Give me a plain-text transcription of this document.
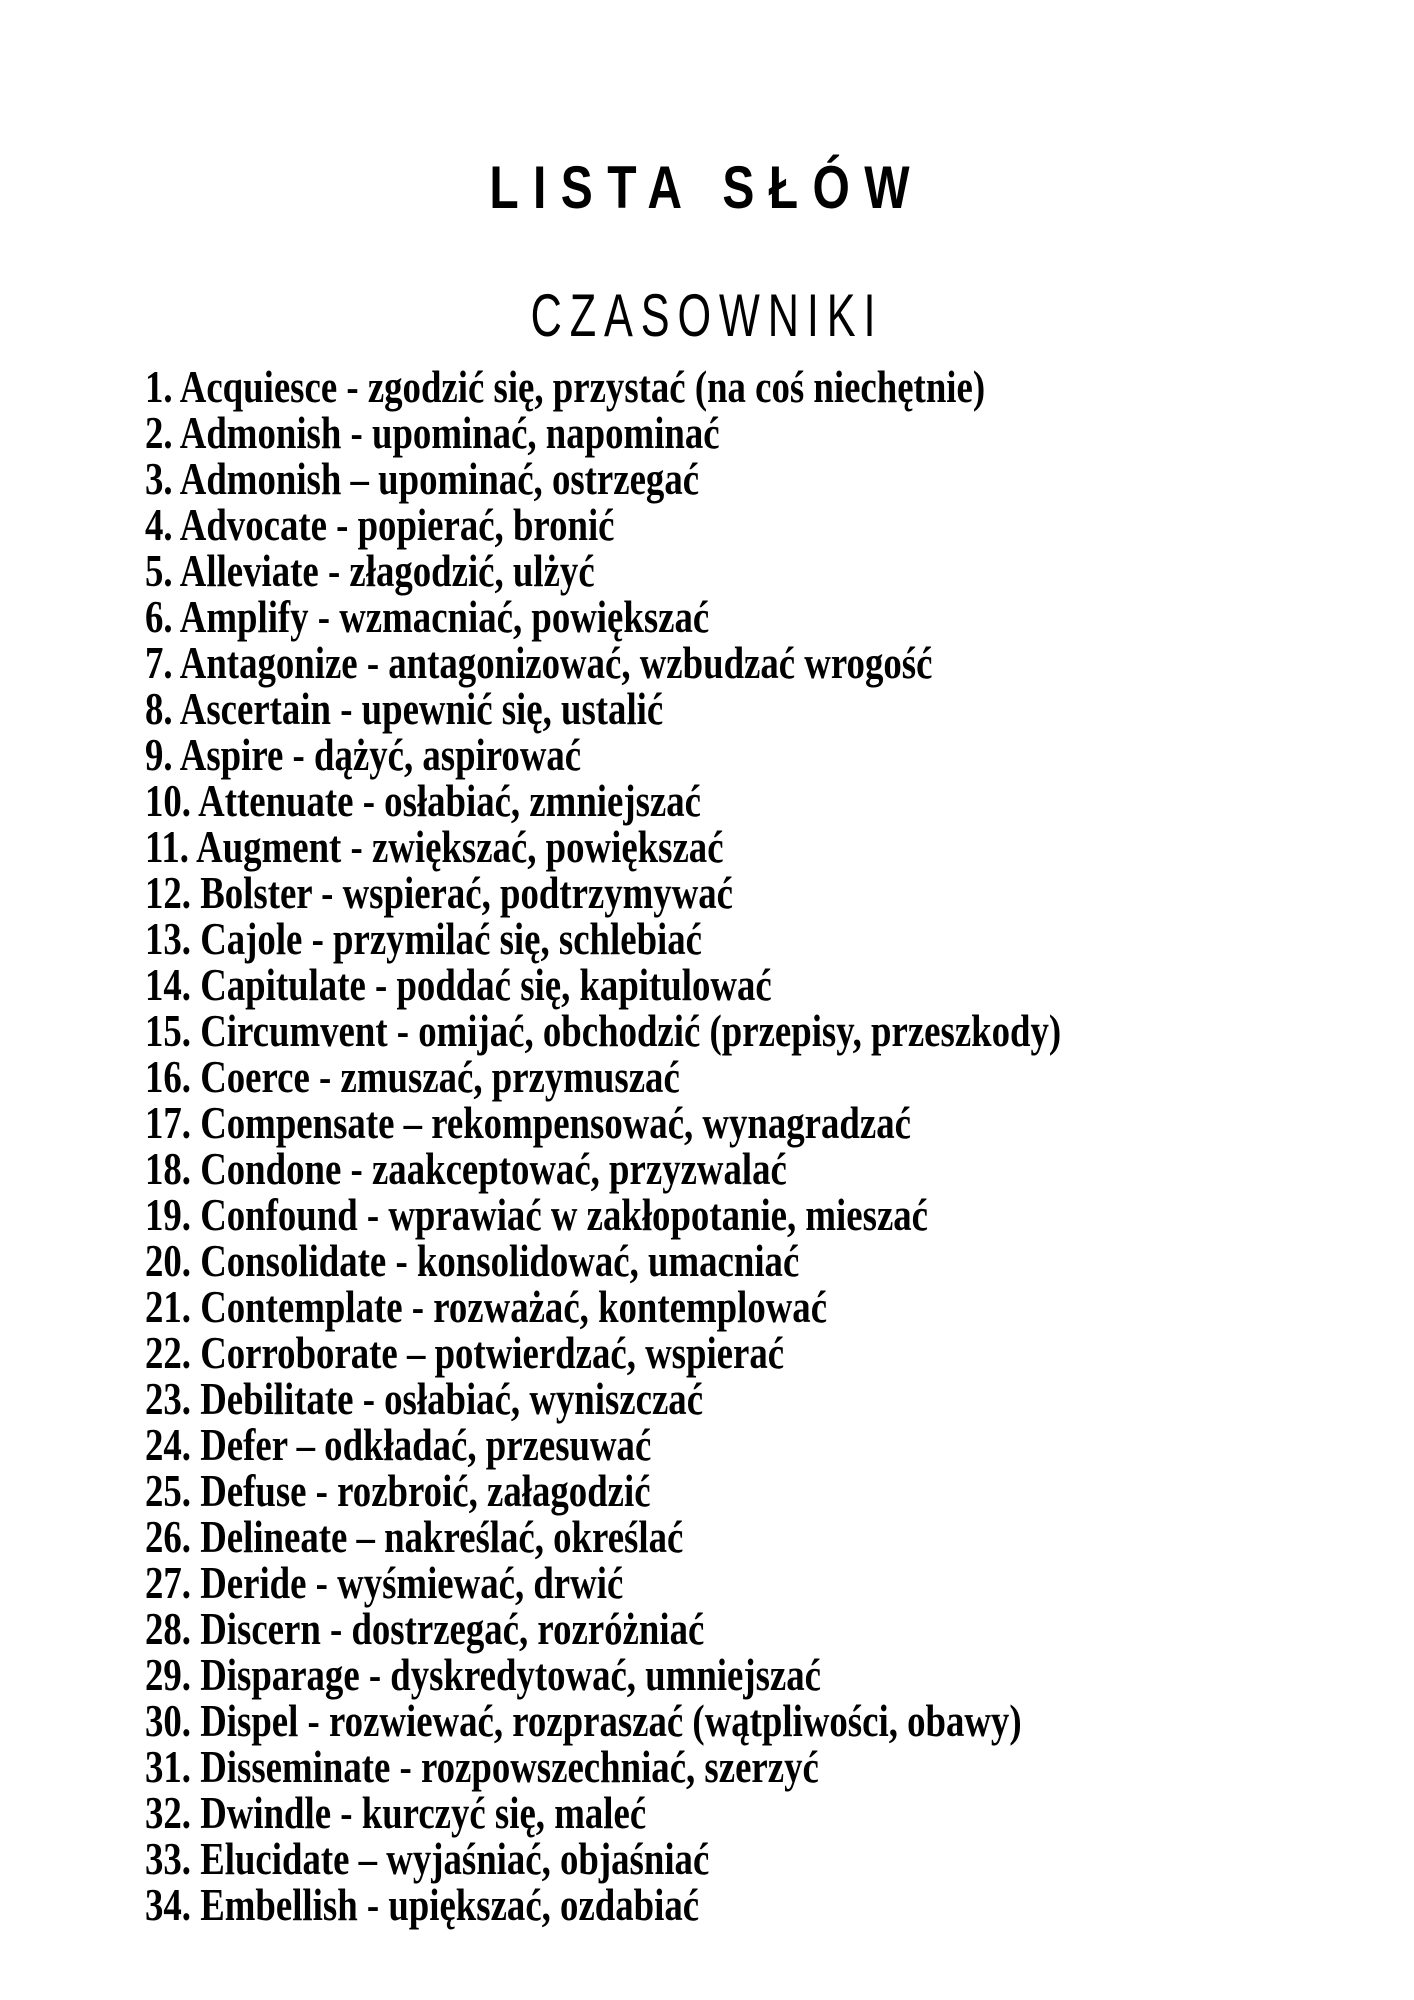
LISTA SŁÓW
CZASOWNIKI
1. Acquiesce - zgodzić się, przystać (na coś niechętnie)
2. Admonish - upominać, napominać
3. Admonish – upominać, ostrzegać
4. Advocate - popierać, bronić
5. Alleviate - złagodzić, ulżyć
6. Amplify - wzmacniać, powiększać
7. Antagonize - antagonizować, wzbudzać wrogość
8. Ascertain - upewnić się, ustalić
9. Aspire - dążyć, aspirować
10. Attenuate - osłabiać, zmniejszać
11. Augment - zwiększać, powiększać
12. Bolster - wspierać, podtrzymywać
13. Cajole - przymilać się, schlebiać
14. Capitulate - poddać się, kapitulować
15. Circumvent - omijać, obchodzić (przepisy, przeszkody)
16. Coerce - zmuszać, przymuszać
17. Compensate – rekompensować, wynagradzać
18. Condone - zaakceptować, przyzwalać
19. Confound - wprawiać w zakłopotanie, mieszać
20. Consolidate - konsolidować, umacniać
21. Contemplate - rozważać, kontemplować
22. Corroborate – potwierdzać, wspierać
23. Debilitate - osłabiać, wyniszczać
24. Defer – odkładać, przesuwać
25. Defuse - rozbroić, załagodzić
26. Delineate – nakreślać, określać
27. Deride - wyśmiewać, drwić
28. Discern - dostrzegać, rozróżniać
29. Disparage - dyskredytować, umniejszać
30. Dispel - rozwiewać, rozpraszać (wątpliwości, obawy)
31. Disseminate - rozpowszechniać, szerzyć
32. Dwindle - kurczyć się, maleć
33. Elucidate – wyjaśniać, objaśniać
34. Embellish - upiększać, ozdabiać
